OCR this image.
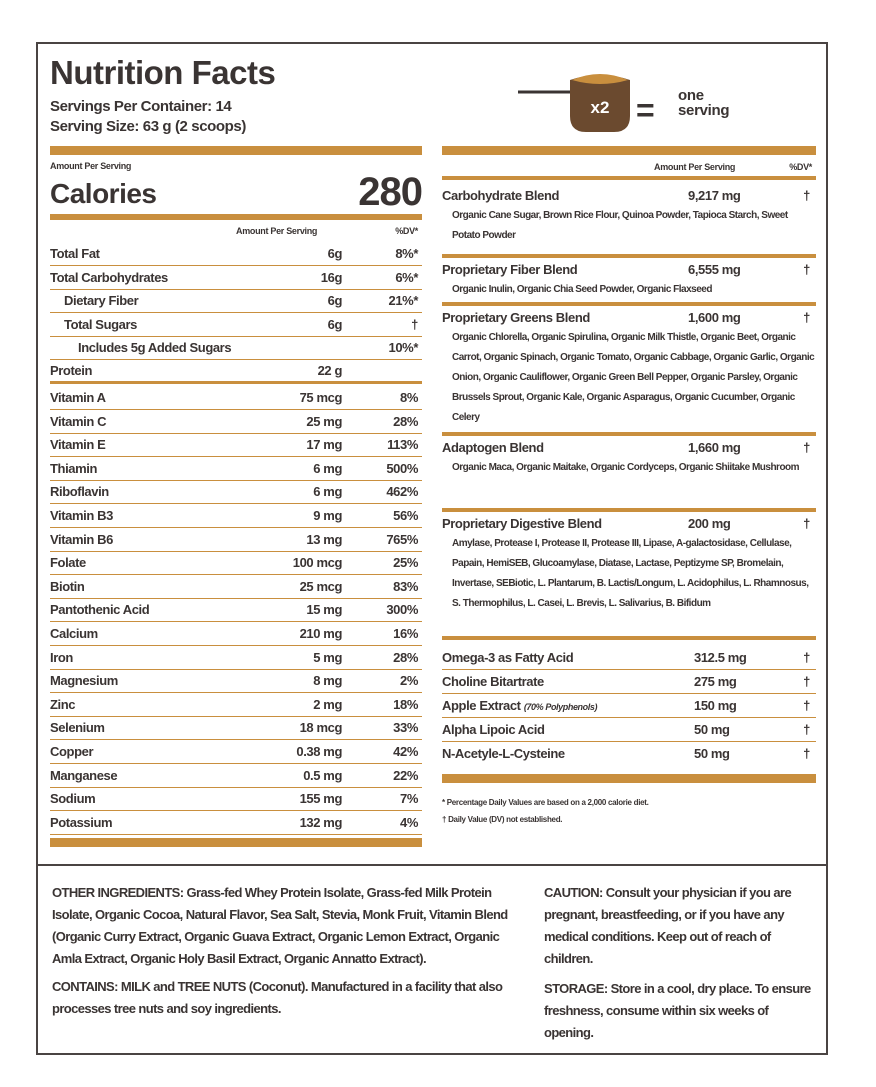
Nutrition Facts
Servings Per Container: 14
Serving Size: 63 g (2 scoops)
Amount Per Serving
Calories	280
Amount Per Serving	%DV*
Total Fat	6g	8%*
Total Carbohydrates	16g	6%*
Dietary Fiber	6g	21%*
Total Sugars	6g	†
Includes 5g Added Sugars	10%*
Protein	22 g
Vitamin A	75 mcg	8%
Vitamin C	25 mg	28%
Vitamin E	17 mg	113%
Thiamin	6 mg	500%
Riboflavin	6 mg	462%
Vitamin B3	9 mg	56%
Vitamin B6	13 mg	765%
Folate	100 mcg	25%
Biotin	25 mcg	83%
Pantothenic Acid	15 mg	300%
Calcium	210 mg	16%
Iron	5 mg	28%
Magnesium	8 mg	2%
Zinc	2 mg	18%
Selenium	18 mcg	33%
Copper	0.38 mg	42%
Manganese	0.5 mg	22%
Sodium	155 mg	7%
Potassium	132 mg	4%
x2 = one
serving
Amount Per Serving	%DV*
Carbohydrate Blend	9,217 mg	†
Organic Cane Sugar, Brown Rice Flour, Quinoa Powder, Tapioca Starch, Sweet Potato Powder
Proprietary Fiber Blend	6,555 mg	†
Organic Inulin, Organic Chia Seed Powder, Organic Flaxseed
Proprietary Greens Blend	1,600 mg	†
Organic Chlorella, Organic Spirulina, Organic Milk Thistle, Organic Beet, Organic Carrot, Organic Spinach, Organic Tomato, Organic Cabbage, Organic Garlic, Organic Onion, Organic Cauliflower, Organic Green Bell Pepper, Organic Parsley, Organic Brussels Sprout, Organic Kale, Organic Asparagus, Organic Cucumber, Organic Celery
Adaptogen Blend	1,660 mg	†
Organic Maca, Organic Maitake, Organic Cordyceps, Organic Shiitake Mushroom
Proprietary Digestive Blend	200 mg	†
Amylase, Protease I, Protease II, Protease III, Lipase, A-galactosidase, Cellulase, Papain, HemiSEB, Glucoamylase, Diatase, Lactase, Peptizyme SP, Bromelain, Invertase, SEBiotic, L. Plantarum, B. Lactis/Longum, L. Acidophilus, L. Rhamnosus, S. Thermophilus, L. Casei, L. Brevis, L. Salivarius, B. Bifidum
Omega-3 as Fatty Acid	312.5 mg	†
Choline Bitartrate	275 mg	†
Apple Extract (70% Polyphenols)	150 mg	†
Alpha Lipoic Acid	50 mg	†
N-Acetyle-L-Cysteine	50 mg	†
* Percentage Daily Values are based on a 2,000 calorie diet.
† Daily Value (DV) not established.

OTHER INGREDIENTS: Grass-fed Whey Protein Isolate, Grass-fed Milk Protein Isolate, Organic Cocoa, Natural Flavor, Sea Salt, Stevia, Monk Fruit, Vitamin Blend (Organic Curry Extract, Organic Guava Extract, Organic Lemon Extract, Organic Amla Extract, Organic Holy Basil Extract, Organic Annatto Extract).

CONTAINS: MILK and TREE NUTS (Coconut). Manufactured in a facility that also processes tree nuts and soy ingredients.

CAUTION: Consult your physician if you are pregnant, breastfeeding, or if you have any medical conditions. Keep out of reach of children.

STORAGE: Store in a cool, dry place. To ensure freshness, consume within six weeks of opening.
